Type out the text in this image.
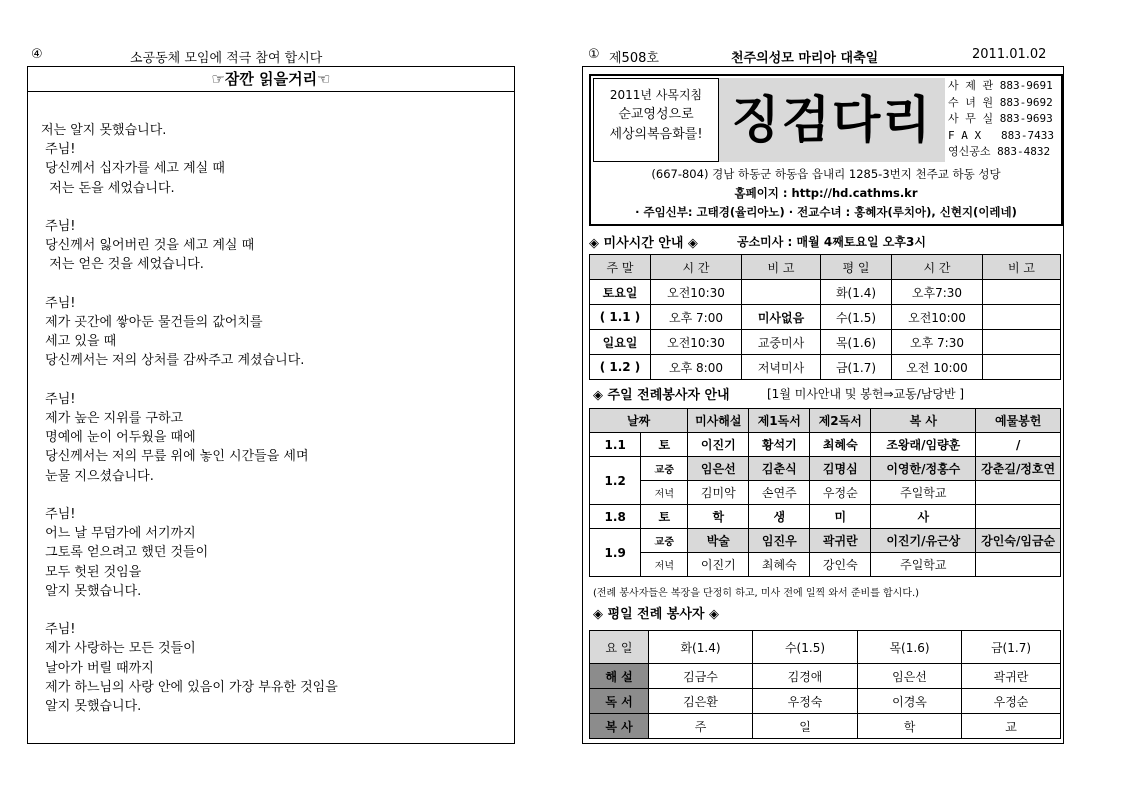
④	소공동체 모임에 적극 참여 합시다
☞잠깐 읽을거리☜
저는 알지 못했습니다.
주님!
당신께서 십자가를 세고 계실 때
저는 돈을 세었습니다.

주님!
당신께서 잃어버린 것을 세고 계실 때
저는 얻은 것을 세었습니다.

주님!
제가 곳간에 쌓아둔 물건들의 값어치를
세고 있을 때
당신께서는 저의 상처를 감싸주고 계셨습니다.

주님!
제가 높은 지위를 구하고
명예에 눈이 어두웠을 때에
당신께서는 저의 무릎 위에 놓인 시간들을 세며
눈물 지으셨습니다.

주님!
어느 날 무덤가에 서기까지
그토록 얻으려고 했던 것들이
모두 헛된 것임을
알지 못했습니다.

주님!
제가 사랑하는 모든 것들이
날아가 버릴 때까지
제가 하느님의 사랑 안에 있음이 가장 부유한 것임을
알지 못했습니다.
① 제508호	천주의성모 마리아 대축일	2011.01.02
2011년 사목지침
순교영성으로
세상의복음화를! 징검다리
사 제 관 883-9691
수 녀 원 883-9692
사 무 실 883-9693
F A X   883-7433
영신공소 883-4832
(667-804) 경남 하동군 하동읍 읍내리 1285-3번지 천주교 하동 성당
홈페이지 : http://hd.cathms.kr
· 주임신부: 고태경(율리아노) · 전교수녀 : 홍혜자(루치아), 신현지(이레네)
◈ 미사시간 안내 ◈	공소미사 : 매월 4째토요일 오후3시
주 말	시 간	비 고	평 일	시 간	비 고
토요일	오전10:30		화(1.4)	오후7:30	
( 1.1 )	오후 7:00	미사없음	수(1.5)	오전10:00	
일요일	오전10:30	교중미사	목(1.6)	오후 7:30	
( 1.2 )	오후 8:00	저녁미사	금(1.7)	오전 10:00	
◈ 주일 전례봉사자 안내	[1월 미사안내 및 봉헌⇒교동/남당반 ]
날짜		미사해설	제1독서	제2독서	복 사	예물봉헌
1.1	토	이진기	황석기	최혜숙	조왕래/임량훈	/
1.2	교중	임은선	김춘식	김명심	이영한/정홍수	강춘길/정호연
	저녁	김미악	손연주	우정순	주일학교	
1.8	토	학	생	미	사	
1.9	교중	박술	임진우	곽귀란	이진기/유근상	강인숙/임금순
	저녁	이진기	최혜숙	강인숙	주일학교	
(전례 봉사자들은 복장을 단정히 하고, 미사 전에 일찍 와서 준비를 합시다.)
◈ 평일 전례 봉사자 ◈
요 일	화(1.4)	수(1.5)	목(1.6)	금(1.7)
해 설	김금수	김경애	임은선	곽귀란
독 서	김은환	우정숙	이경옥	우정순
복 사	주	일	학	교
